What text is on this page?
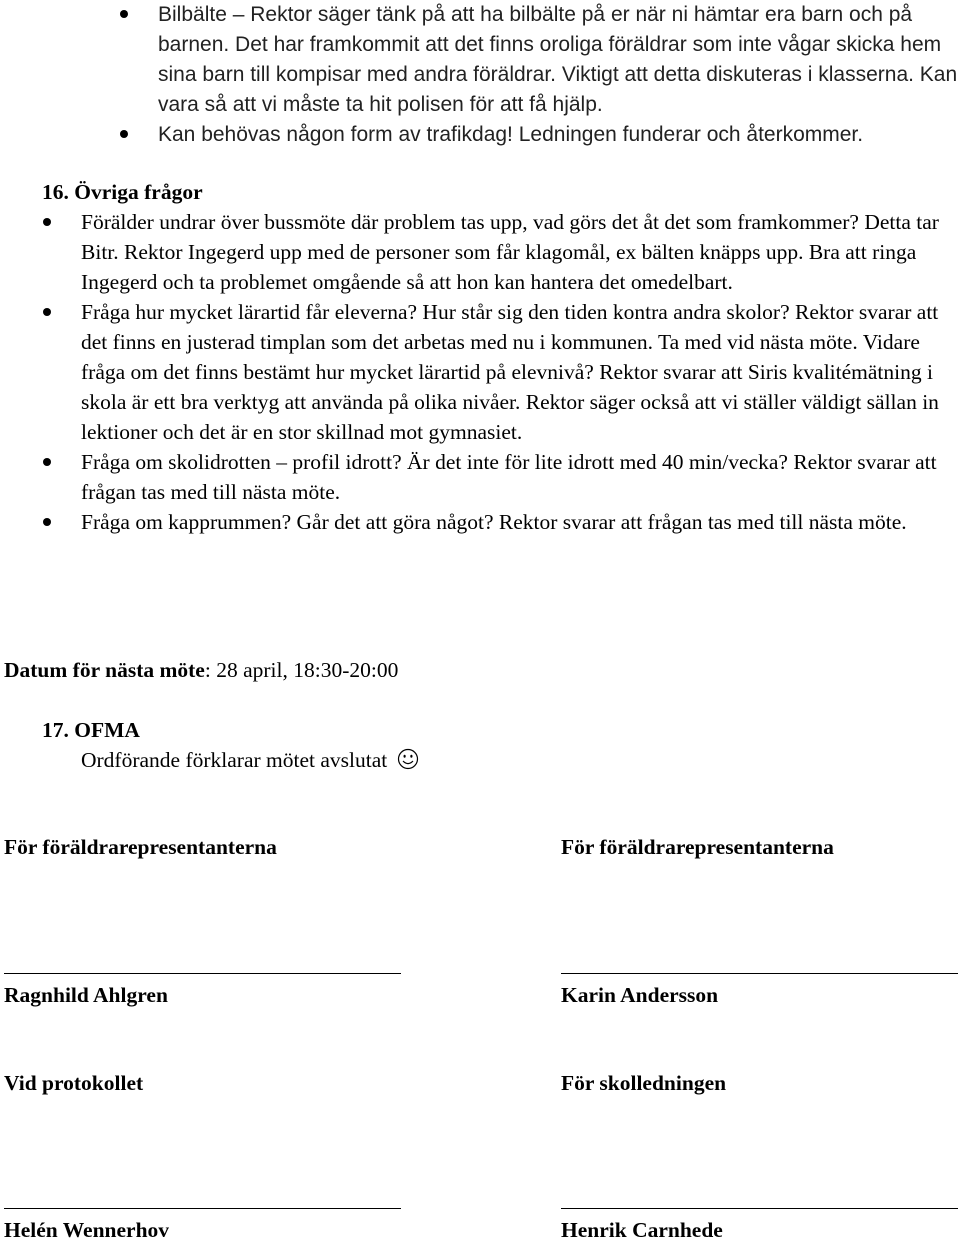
Bilbälte – Rektor säger tänk på att ha bilbälte på er när ni hämtar era barn och på barnen. Det har framkommit att det finns oroliga föräldrar som inte vågar skicka hem sina barn till kompisar med andra föräldrar. Viktigt att detta diskuteras i klasserna. Kan vara så att vi måste ta hit polisen för att få hjälp.
Kan behövas någon form av trafikdag! Ledningen funderar och återkommer.
16. Övriga frågor
Förälder undrar över bussmöte där problem tas upp, vad görs det åt det som framkommer? Detta tar Bitr. Rektor Ingegerd upp med de personer som får klagomål, ex bälten knäpps upp. Bra att ringa Ingegerd och ta problemet omgående så att hon kan hantera det omedelbart.
Fråga hur mycket lärartid får eleverna? Hur står sig den tiden kontra andra skolor? Rektor svarar att det finns en justerad timplan som det arbetas med nu i kommunen. Ta med vid nästa möte. Vidare fråga om det finns bestämt hur mycket lärartid på elevnivå? Rektor svarar att Siris kvalitémätning i skola är ett bra verktyg att använda på olika nivåer. Rektor säger också att vi ställer väldigt sällan in lektioner och det är en stor skillnad mot gymnasiet.
Fråga om skolidrotten – profil idrott? Är det inte för lite idrott med 40 min/vecka? Rektor svarar att frågan tas med till nästa möte.
Fråga om kapprummen? Går det att göra något? Rektor svarar att frågan tas med till nästa möte.
Datum för nästa möte: 28 april, 18:30-20:00
17. OFMA
Ordförande förklarar mötet avslutat
För föräldrarepresentanterna	För föräldrarepresentanterna
Ragnhild Ahlgren	Karin Andersson
Vid protokollet	För skolledningen
Helén Wennerhov	Henrik Carnhede
